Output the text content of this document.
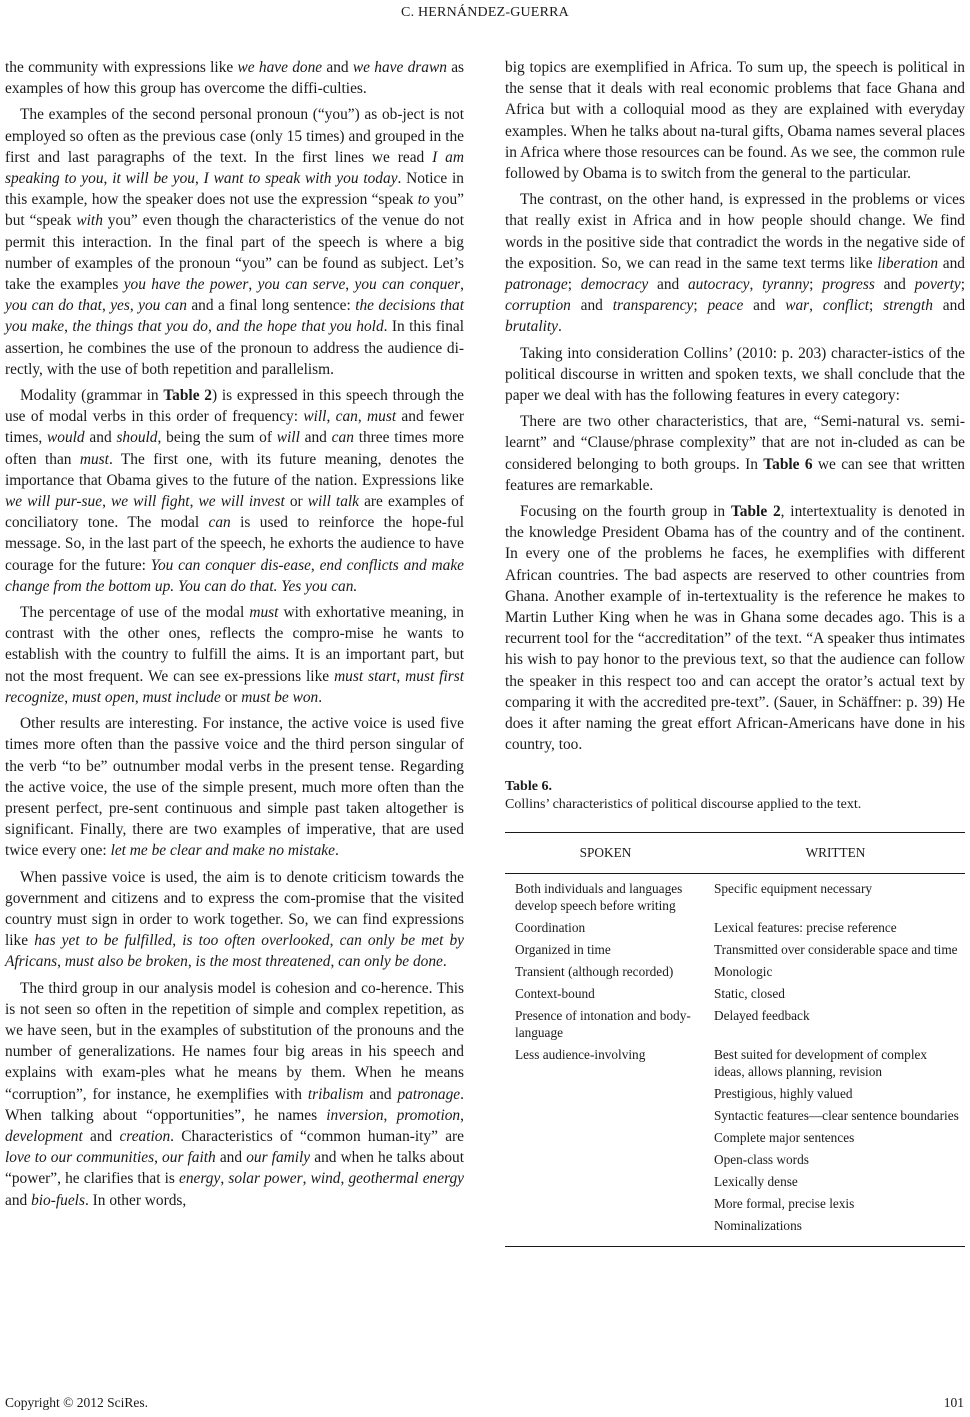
C. HERNÁNDEZ-GUERRA

the community with expressions like we have done and we have drawn as examples of how this group has overcome the diffi-culties.

The examples of the second personal pronoun (“you”) as ob-ject is not employed so often as the previous case (only 15 times) and grouped in the first and last paragraphs of the text. In the first lines we read I am speaking to you, it will be you, I want to speak with you today. Notice in this example, how the speaker does not use the expression “speak to you” but “speak with you” even though the characteristics of the venue do not permit this interaction. In the final part of the speech is where a big number of examples of the pronoun “you” can be found as subject. Let’s take the examples you have the power, you can serve, you can conquer, you can do that, yes, you can and a final long sentence: the decisions that you make, the things that you do, and the hope that you hold. In this final assertion, he combines the use of the pronoun to address the audience di-rectly, with the use of both repetition and parallelism.

Modality (grammar in Table 2) is expressed in this speech through the use of modal verbs in this order of frequency: will, can, must and fewer times, would and should, being the sum of will and can three times more often than must. The first one, with its future meaning, denotes the importance that Obama gives to the future of the nation. Expressions like we will pur-sue, we will fight, we will invest or will talk are examples of conciliatory tone. The modal can is used to reinforce the hope-ful message. So, in the last part of the speech, he exhorts the audience to have courage for the future: You can conquer dis-ease, end conflicts and make change from the bottom up. You can do that. Yes you can.

The percentage of use of the modal must with exhortative meaning, in contrast with the other ones, reflects the compro-mise he wants to establish with the country to fulfill the aims. It is an important part, but not the most frequent. We can see ex-pressions like must start, must first recognize, must open, must include or must be won.

Other results are interesting. For instance, the active voice is used five times more often than the passive voice and the third person singular of the verb “to be” outnumber modal verbs in the present tense. Regarding the active voice, the use of the simple present, much more often than the present perfect, pre-sent continuous and simple past taken altogether is significant. Finally, there are two examples of imperative, that are used twice every one: let me be clear and make no mistake.

When passive voice is used, the aim is to denote criticism towards the government and citizens and to express the com-promise that the visited country must sign in order to work together. So, we can find expressions like has yet to be fulfilled, is too often overlooked, can only be met by Africans, must also be broken, is the most threatened, can only be done.

The third group in our analysis model is cohesion and co-herence. This is not seen so often in the repetition of simple and complex repetition, as we have seen, but in the examples of substitution of the pronouns and the number of generalizations. He names four big areas in his speech and explains with exam-ples what he means by them. When he means “corruption”, for instance, he exemplifies with tribalism and patronage. When talking about “opportunities”, he names inversion, promotion, development and creation. Characteristics of “common human-ity” are love to our communities, our faith and our family and when he talks about “power”, he clarifies that is energy, solar power, wind, geothermal energy and bio-fuels. In other words,

big topics are exemplified in Africa. To sum up, the speech is political in the sense that it deals with real economic problems that face Ghana and Africa but with a colloquial mood as they are explained with everyday examples. When he talks about na-tural gifts, Obama names several places in Africa where those resources can be found. As we see, the common rule followed by Obama is to switch from the general to the particular.

The contrast, on the other hand, is expressed in the problems or vices that really exist in Africa and in how people should change. We find words in the positive side that contradict the words in the negative side of the exposition. So, we can read in the same text terms like liberation and patronage; democracy and autocracy, tyranny; progress and poverty; corruption and transparency; peace and war, conflict; strength and brutality.

Taking into consideration Collins’ (2010: p. 203) character-istics of the political discourse in written and spoken texts, we shall conclude that the paper we deal with has the following features in every category:

There are two other characteristics, that are, “Semi-natural vs. semi-learnt” and “Clause/phrase complexity” that are not in-cluded as can be considered belonging to both groups. In Table 6 we can see that written features are remarkable.

Focusing on the fourth group in Table 2, intertextuality is denoted in the knowledge President Obama has of the country and of the continent. In every one of the problems he faces, he exemplifies with different African countries. The bad aspects are reserved to other countries from Ghana. Another example of in-tertextuality is the reference he makes to Martin Luther King when he was in Ghana some decades ago. This is a recurrent tool for the “accreditation” of the text. “A speaker thus intimates his wish to pay honor to the previous text, so that the audience can follow the speaker in this respect too and can accept the orator’s actual text by comparing it with the accredited pre-text”. (Sauer, in Schäffner: p. 39) He does it after naming the great effort African-Americans have done in his country, too.

Table 6.
Collins’ characteristics of political discourse applied to the text.
SPOKEN	WRITTEN
Both individuals and languages develop speech before writing	Specific equipment necessary
Coordination	Lexical features: precise reference
Organized in time	Transmitted over considerable space and time
Transient (although recorded)	Monologic
Context-bound	Static, closed
Presence of intonation and body-language	Delayed feedback
Less audience-involving	Best suited for development of complex ideas, allows planning, revision
	Prestigious, highly valued
	Syntactic features—clear sentence boundaries
	Complete major sentences
	Open-class words
	Lexically dense
	More formal, precise lexis
	Nominalizations
Copyright © 2012 SciRes.	101
